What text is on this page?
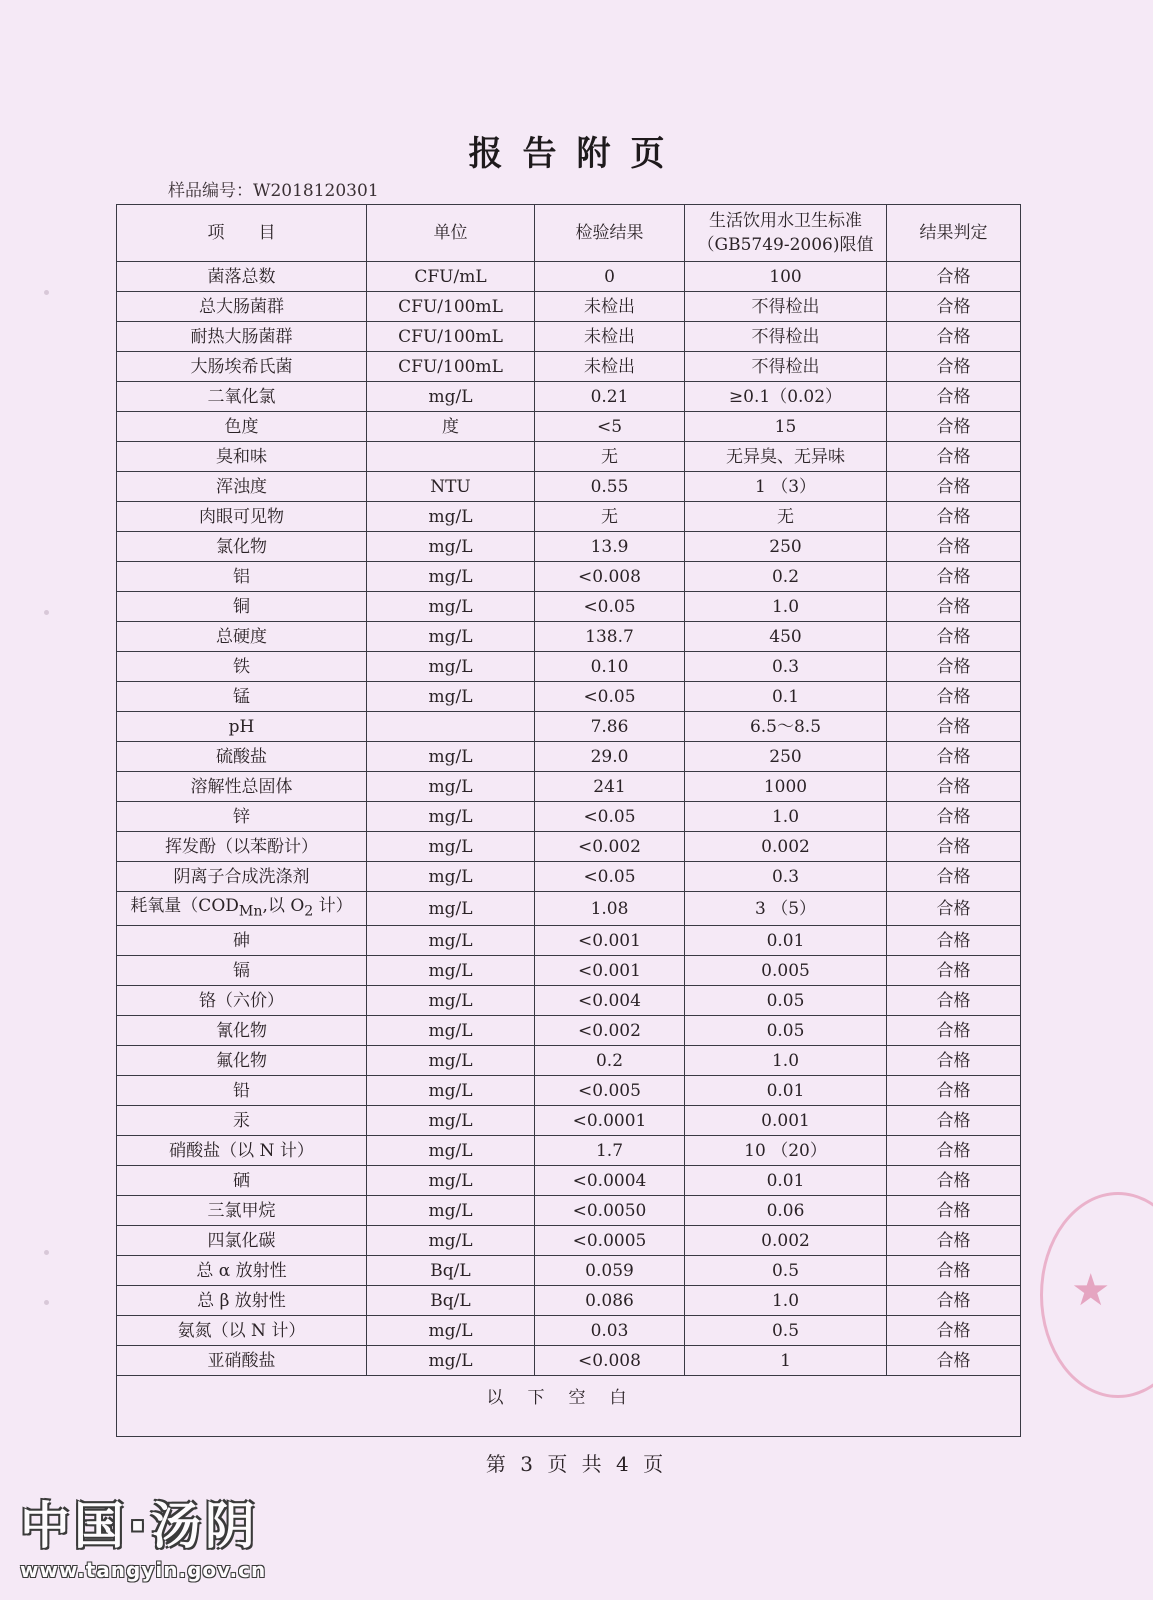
报告附页
样品编号：W2018120301
项　　目	单位	检验结果	生活饮用水卫生标准（GB5749-2006)限值	结果判定
菌落总数	CFU/mL	0	100	合格
总大肠菌群	CFU/100mL	未检出	不得检出	合格
耐热大肠菌群	CFU/100mL	未检出	不得检出	合格
大肠埃希氏菌	CFU/100mL	未检出	不得检出	合格
二氧化氯	mg/L	0.21	≥0.1（0.02）	合格
色度	度	<5	15	合格
臭和味		无	无异臭、无异味	合格
浑浊度	NTU	0.55	1 （3）	合格
肉眼可见物	mg/L	无	无	合格
氯化物	mg/L	13.9	250	合格
铝	mg/L	<0.008	0.2	合格
铜	mg/L	<0.05	1.0	合格
总硬度	mg/L	138.7	450	合格
铁	mg/L	0.10	0.3	合格
锰	mg/L	<0.05	0.1	合格
pH		7.86	6.5～8.5	合格
硫酸盐	mg/L	29.0	250	合格
溶解性总固体	mg/L	241	1000	合格
锌	mg/L	<0.05	1.0	合格
挥发酚（以苯酚计）	mg/L	<0.002	0.002	合格
阴离子合成洗涤剂	mg/L	<0.05	0.3	合格
耗氧量（$COD_{Mn}$,以 $O_2$ 计）	mg/L	1.08	3 （5）	合格
砷	mg/L	<0.001	0.01	合格
镉	mg/L	<0.001	0.005	合格
铬（六价）	mg/L	<0.004	0.05	合格
氰化物	mg/L	<0.002	0.05	合格
氟化物	mg/L	0.2	1.0	合格
铅	mg/L	<0.005	0.01	合格
汞	mg/L	<0.0001	0.001	合格
硝酸盐（以 N 计）	mg/L	1.7	10 （20）	合格
硒	mg/L	<0.0004	0.01	合格
三氯甲烷	mg/L	<0.0050	0.06	合格
四氯化碳	mg/L	<0.0005	0.002	合格
总 α 放射性	Bq/L	0.059	0.5	合格
总 β 放射性	Bq/L	0.086	1.0	合格
氨氮（以 N 计）	mg/L	0.03	0.5	合格
亚硝酸盐	mg/L	<0.008	1	合格
以下空白				
第 3 页 共 4 页
★
中国·汤阴
www.tangyin.gov.cn
